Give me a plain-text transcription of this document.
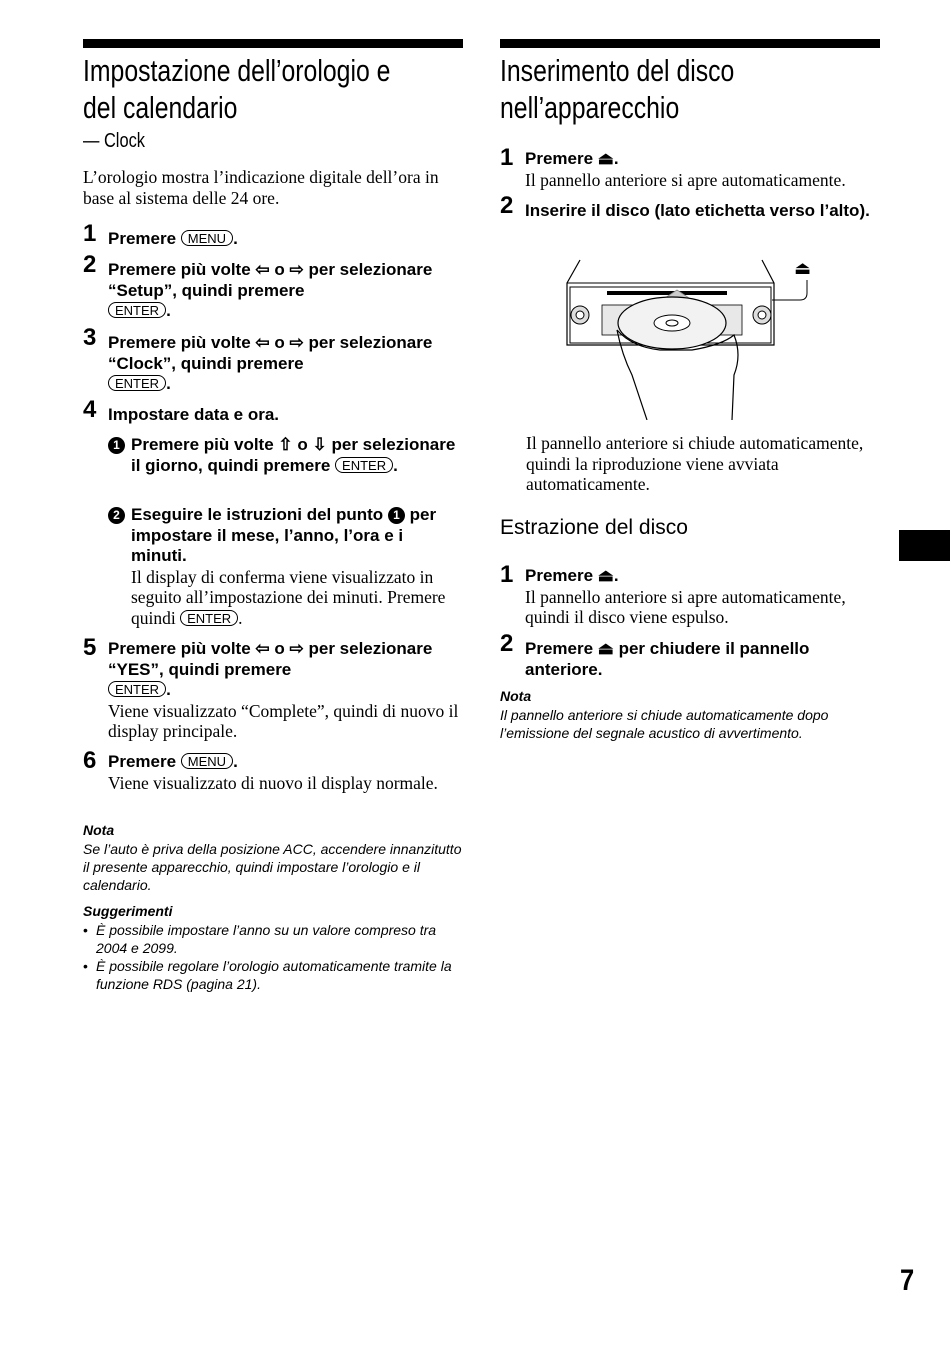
Impostazione dell’orologio e
del calendario
— Clock
L’orologio mostra l’indicazione digitale dell’ora in base al sistema delle 24 ore.
1 Premere MENU .
2 Premere più volte ⇦ o ⇨ per selezionare “Setup”, quindi premere
ENTER .
3 Premere più volte ⇦ o ⇨ per selezionare “Clock”, quindi premere
ENTER .
4 Impostare data e ora.
1 Premere più volte ⇧ o ⇩ per selezionare il giorno, quindi premere ENTER .
2 Eseguire le istruzioni del punto 1 per impostare il mese, l’anno, l’ora e i minuti.
Il display di conferma viene visualizzato in seguito all’impostazione dei minuti. Premere quindi ENTER .
5 Premere più volte ⇦ o ⇨ per selezionare “YES”, quindi premere
ENTER .
Viene visualizzato “Complete”, quindi di nuovo il display principale.
6 Premere MENU .
Viene visualizzato di nuovo il display normale.
Nota
Se l’auto è priva della posizione ACC, accendere innanzitutto il presente apparecchio, quindi impostare l’orologio e il calendario.
Suggerimenti
• È possibile impostare l’anno su un valore compreso tra 2004 e 2099.
• È possibile regolare l’orologio automaticamente tramite la funzione RDS (pagina 21).
Inserimento del disco
nell’apparecchio
1 Premere ⏏.
Il pannello anteriore si apre automaticamente.
2 Inserire il disco (lato etichetta verso l’alto).
Il pannello anteriore si chiude automaticamente, quindi la riproduzione viene avviata automaticamente.
Estrazione del disco
1 Premere ⏏.
Il pannello anteriore si apre automaticamente, quindi il disco viene espulso.
2 Premere ⏏ per chiudere il pannello anteriore.
Nota
Il pannello anteriore si chiude automaticamente dopo l’emissione del segnale acustico di avvertimento.
⏏
7
